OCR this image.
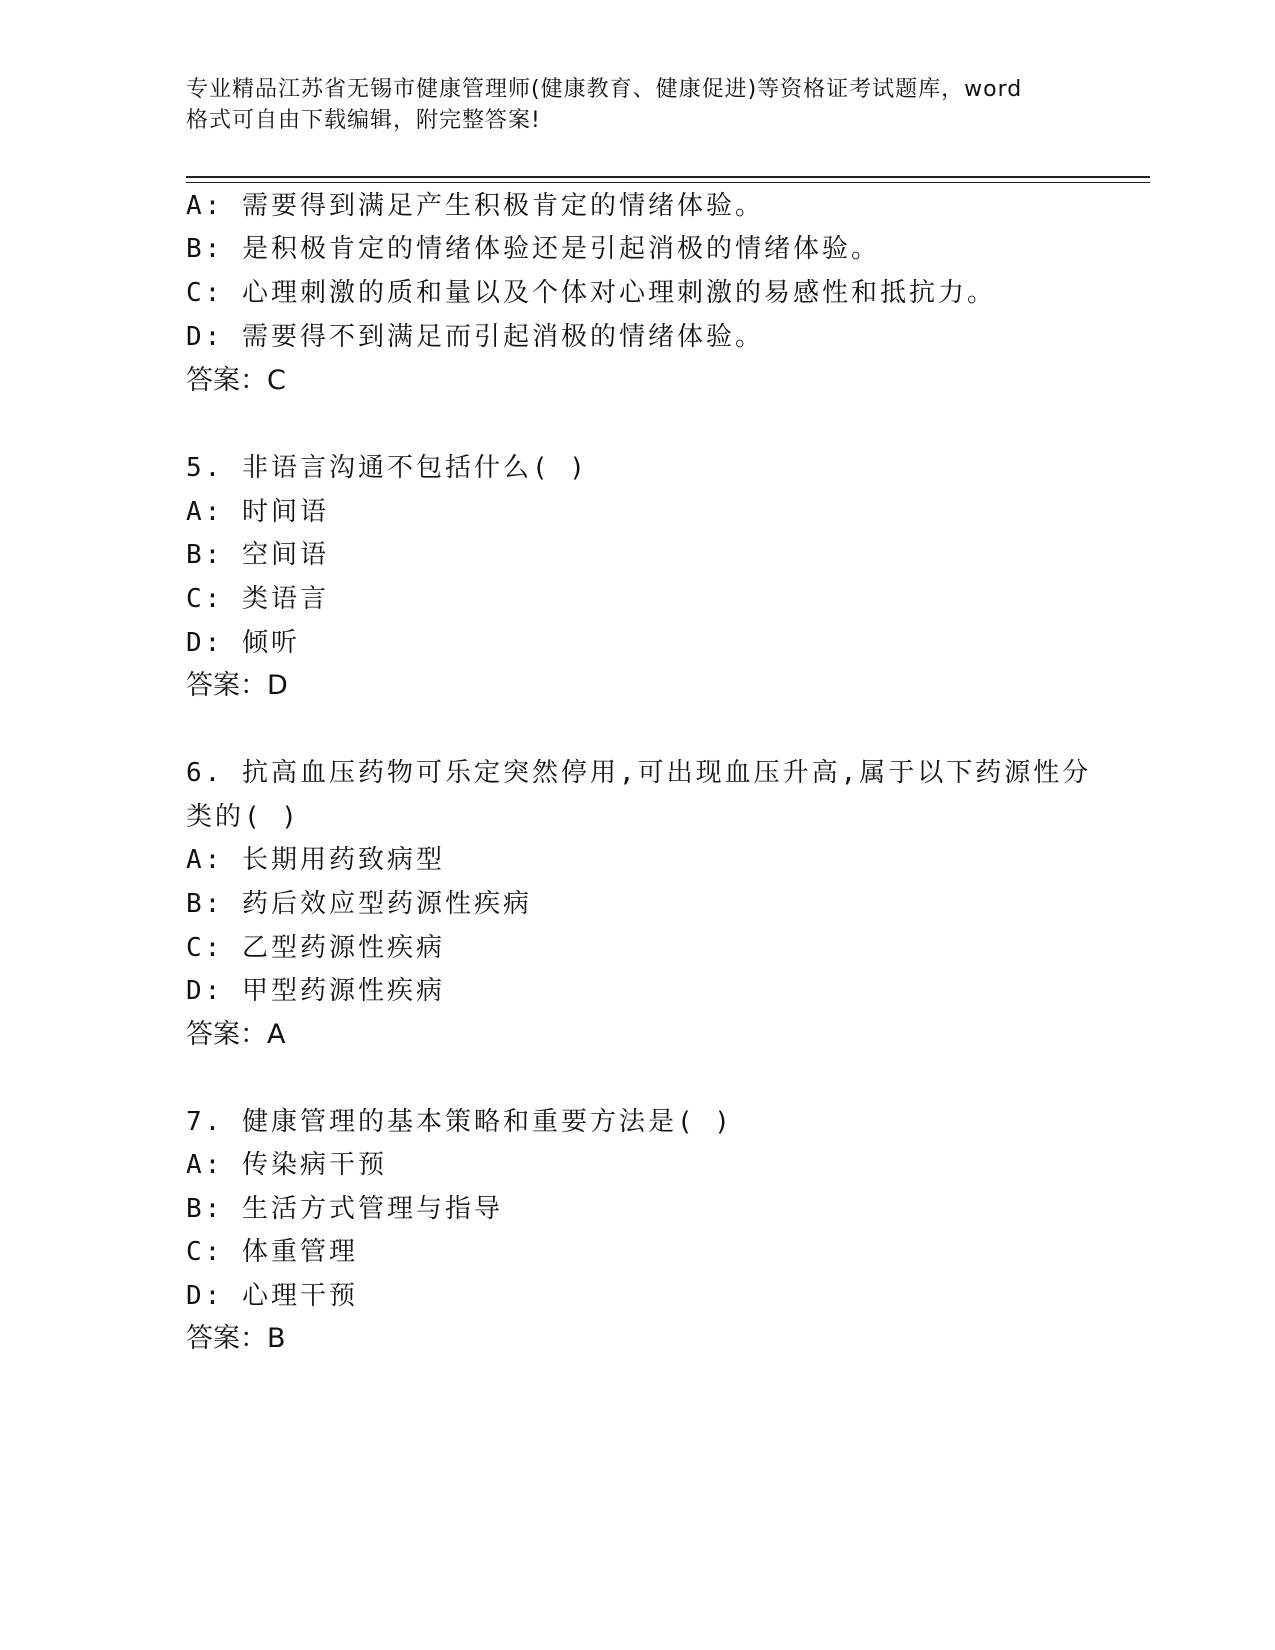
专业精品江苏省无锡市健康管理师(健康教育、健康促进)等资格证考试题库，word
格式可自由下载编辑，附完整答案!
A: 需要得到满足产生积极肯定的情绪体验。
B: 是积极肯定的情绪体验还是引起消极的情绪体验。
C: 心理刺激的质和量以及个体对心理刺激的易感性和抵抗力。
D: 需要得不到满足而引起消极的情绪体验。
答案：C
5. 非语言沟通不包括什么( )
A: 时间语
B: 空间语
C: 类语言
D: 倾听
答案：D
6. 抗高血压药物可乐定突然停用,可出现血压升高,属于以下药源性分
类的( )
A: 长期用药致病型
B: 药后效应型药源性疾病
C: 乙型药源性疾病
D: 甲型药源性疾病
答案：A
7. 健康管理的基本策略和重要方法是( )
A: 传染病干预
B: 生活方式管理与指导
C: 体重管理
D: 心理干预
答案：B
